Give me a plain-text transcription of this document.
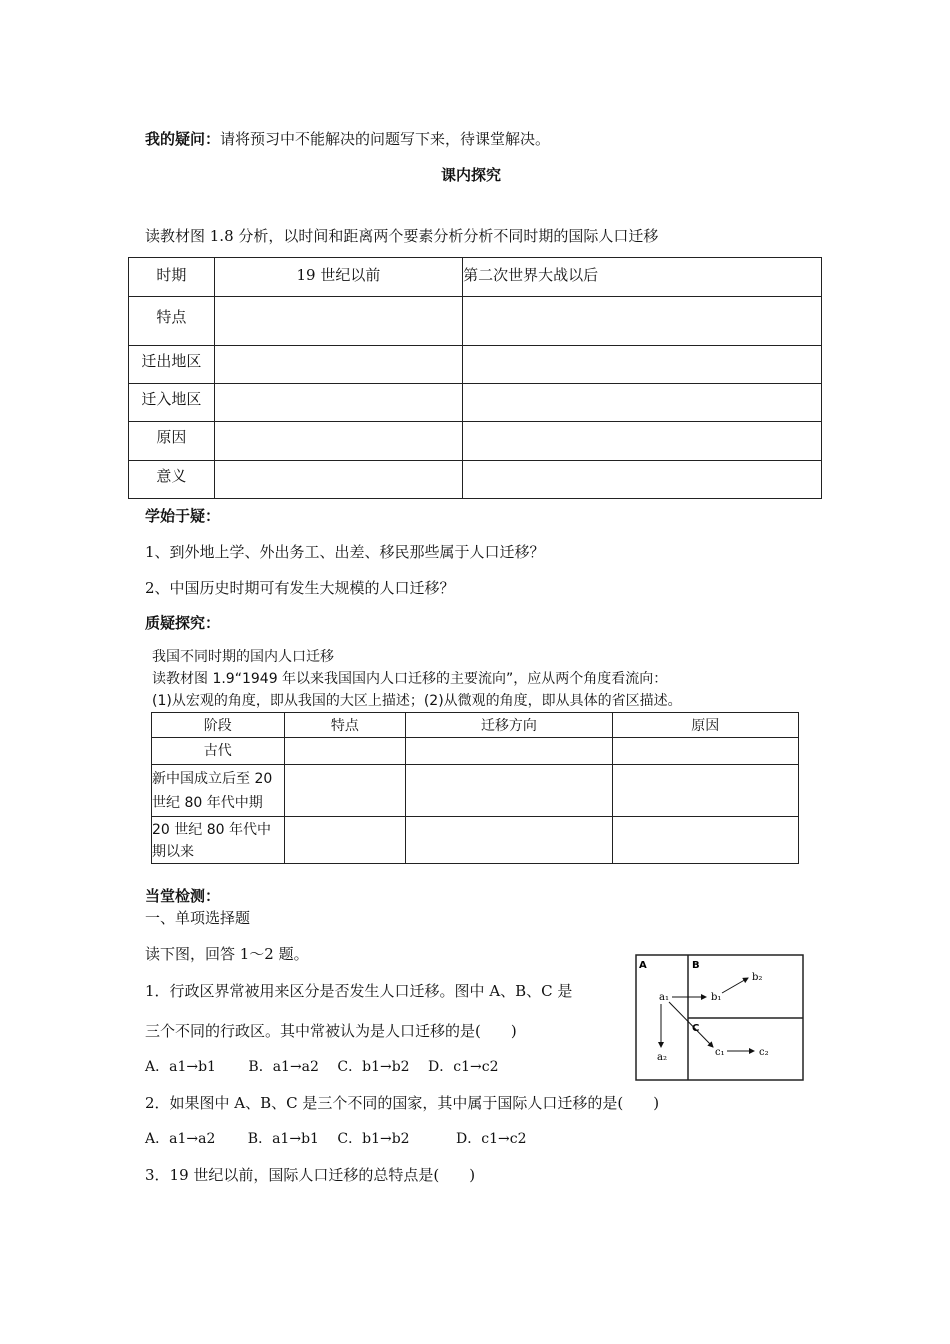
我的疑问：请将预习中不能解决的问题写下来，待课堂解决。
课内探究
读教材图 1.8 分析，以时间和距离两个要素分析分析不同时期的国际人口迁移
时期	19 世纪以前	第二次世界大战以后
特点		
迁出地区		
迁入地区		
原因		
意义		
学始于疑：
1、到外地上学、外出务工、出差、移民那些属于人口迁移？
2、中国历史时期可有发生大规模的人口迁移？
质疑探究：
我国不同时期的国内人口迁移
读教材图 1.9“1949 年以来我国国内人口迁移的主要流向”，应从两个角度看流向：
(1)从宏观的角度，即从我国的大区上描述；(2)从微观的角度，即从具体的省区描述。
阶段	特点	迁移方向	原因
古代			
新中国成立后至 20世纪 80 年代中期			
20 世纪 80 年代中期以来			
当堂检测：
一、单项选择题
读下图，回答 1～2 题。
1．行政区界常被用来区分是否发生人口迁移。图中 A、B、C 是
三个不同的行政区。其中常被认为是人口迁移的是(　　)
A．a1→b1　　 B．a1→a2　 C．b1→b2　 D．c1→c2
2．如果图中 A、B、C 是三个不同的国家，其中属于国际人口迁移的是(　　)
A．a1→a2　　 B．a1→b1　 C．b1→b2　　　 D．c1→c2
3．19 世纪以前，国际人口迁移的总特点是(　　)
A	B
C
a₁
a₂
b₁
b₂
c₁	c₂
